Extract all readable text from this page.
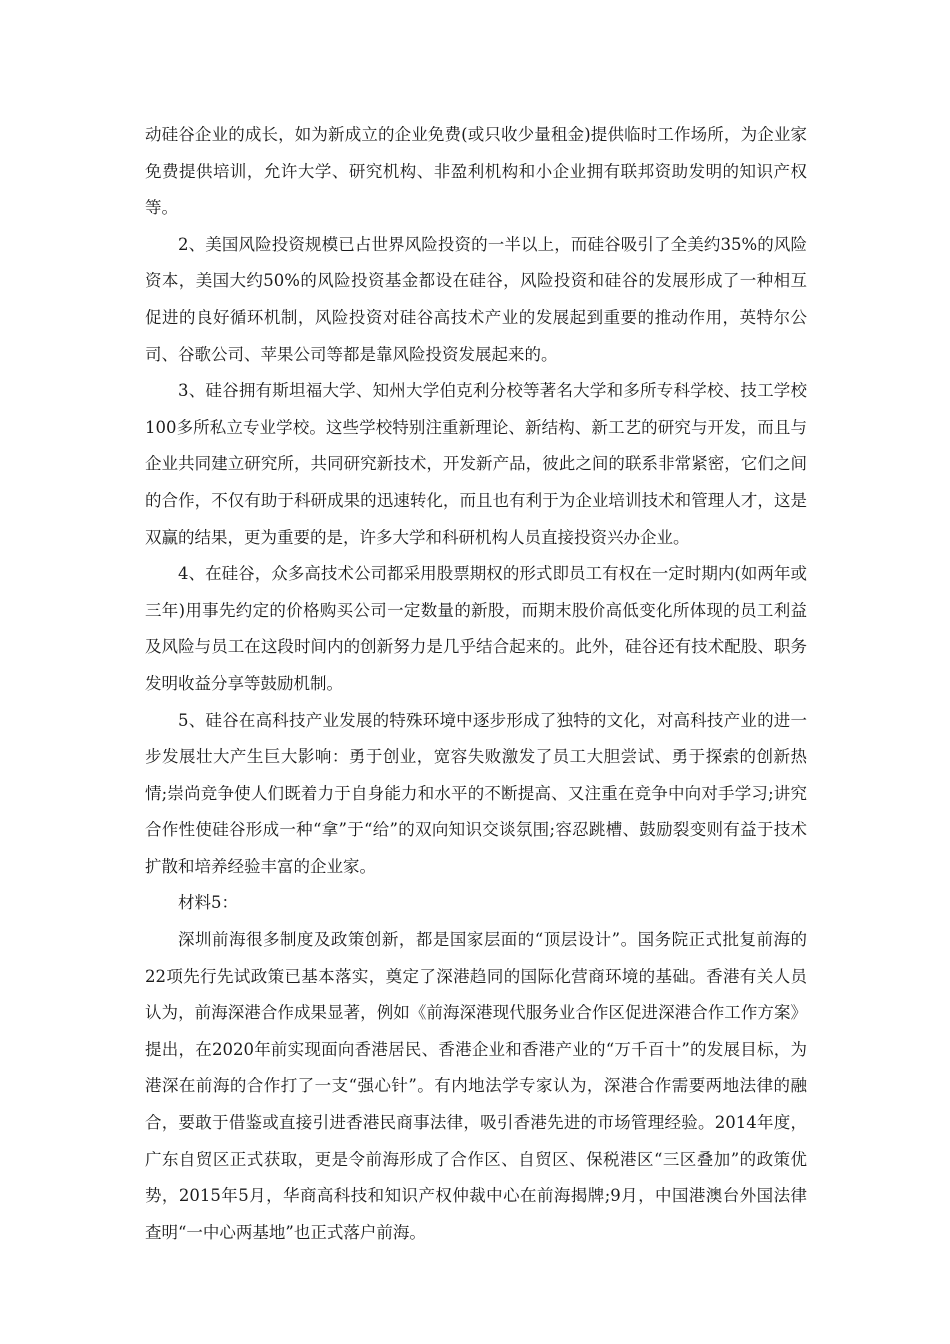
动硅谷企业的成长，如为新成立的企业免费(或只收少量租金)提供临时工作场所，为企业家免费提供培训，允许大学、研究机构、非盈利机构和小企业拥有联邦资助发明的知识产权等。

2、美国风险投资规模已占世界风险投资的一半以上，而硅谷吸引了全美约35%的风险资本，美国大约50%的风险投资基金都设在硅谷，风险投资和硅谷的发展形成了一种相互促进的良好循环机制，风险投资对硅谷高技术产业的发展起到重要的推动作用，英特尔公司、谷歌公司、苹果公司等都是靠风险投资发展起来的。

3、硅谷拥有斯坦福大学、知州大学伯克利分校等著名大学和多所专科学校、技工学校100多所私立专业学校。这些学校特别注重新理论、新结构、新工艺的研究与开发，而且与企业共同建立研究所，共同研究新技术，开发新产品，彼此之间的联系非常紧密，它们之间的合作，不仅有助于科研成果的迅速转化，而且也有利于为企业培训技术和管理人才，这是双赢的结果，更为重要的是，许多大学和科研机构人员直接投资兴办企业。

4、在硅谷，众多高技术公司都采用股票期权的形式即员工有权在一定时期内(如两年或三年)用事先约定的价格购买公司一定数量的新股，而期末股价高低变化所体现的员工利益及风险与员工在这段时间内的创新努力是几乎结合起来的。此外，硅谷还有技术配股、职务发明收益分享等鼓励机制。

5、硅谷在高科技产业发展的特殊环境中逐步形成了独特的文化，对高科技产业的进一步发展壮大产生巨大影响：勇于创业，宽容失败激发了员工大胆尝试、勇于探索的创新热情;崇尚竞争使人们既着力于自身能力和水平的不断提高、又注重在竞争中向对手学习;讲究合作性使硅谷形成一种“拿”于“给”的双向知识交谈氛围;容忍跳槽、鼓励裂变则有益于技术扩散和培养经验丰富的企业家。

材料5：

深圳前海很多制度及政策创新，都是国家层面的“顶层设计”。国务院正式批复前海的22项先行先试政策已基本落实，奠定了深港趋同的国际化营商环境的基础。香港有关人员认为，前海深港合作成果显著，例如《前海深港现代服务业合作区促进深港合作工作方案》提出，在2020年前实现面向香港居民、香港企业和香港产业的“万千百十”的发展目标，为港深在前海的合作打了一支“强心针”。有内地法学专家认为，深港合作需要两地法律的融合，要敢于借鉴或直接引进香港民商事法律，吸引香港先进的市场管理经验。2014年度，广东自贸区正式获取，更是令前海形成了合作区、自贸区、保税港区“三区叠加”的政策优势，2015年5月，华商高科技和知识产权仲裁中心在前海揭牌;9月，中国港澳台外国法律查明“一中心两基地”也正式落户前海。
